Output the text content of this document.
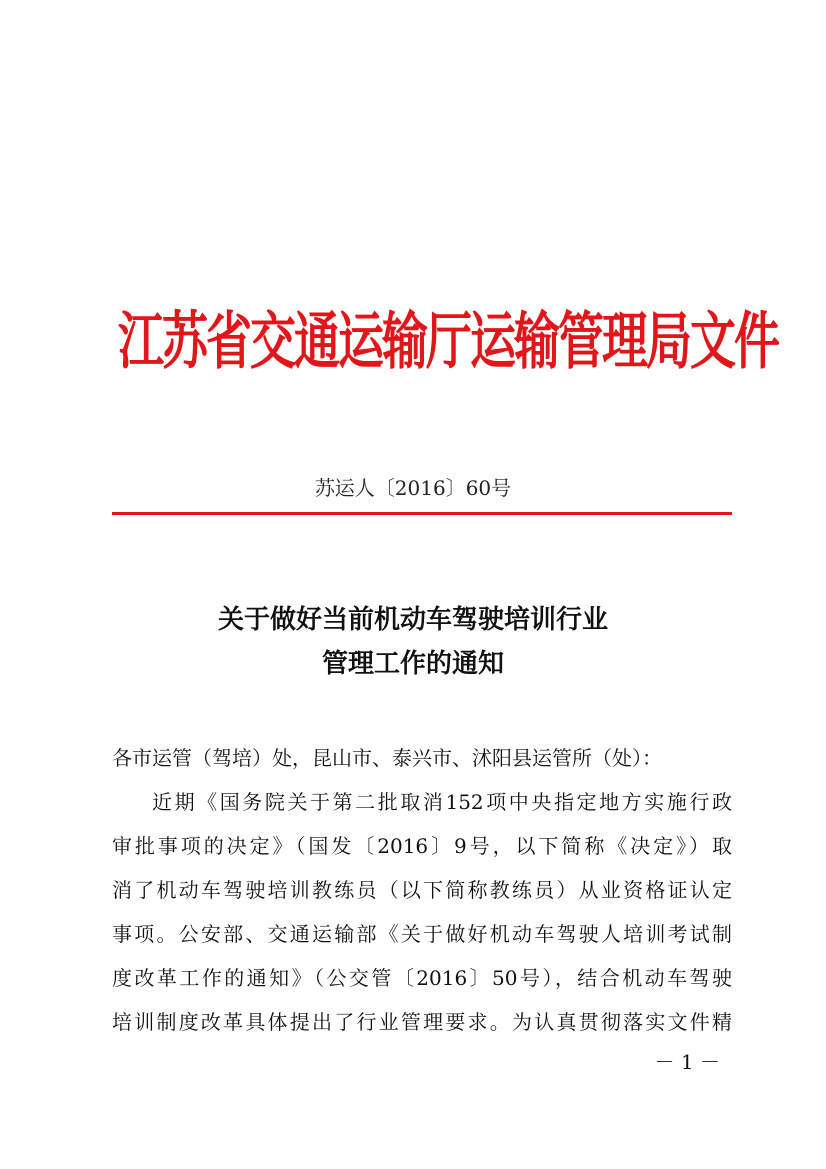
江苏省交通运输厅运输管理局文件
苏运人〔2016〕60号
关于做好当前机动车驾驶培训行业
管理工作的通知
各市运管（驾培）处，昆山市、泰兴市、沭阳县运管所（处）：
近期《国务院关于第二批取消152项中央指定地方实施行政
审批事项的决定》（国发〔2016〕9号，以下简称《决定》）取
消了机动车驾驶培训教练员（以下简称教练员）从业资格证认定
事项。公安部、交通运输部《关于做好机动车驾驶人培训考试制
度改革工作的通知》（公交管〔2016〕50号），结合机动车驾驶
培训制度改革具体提出了行业管理要求。为认真贯彻落实文件精
－ 1 －
